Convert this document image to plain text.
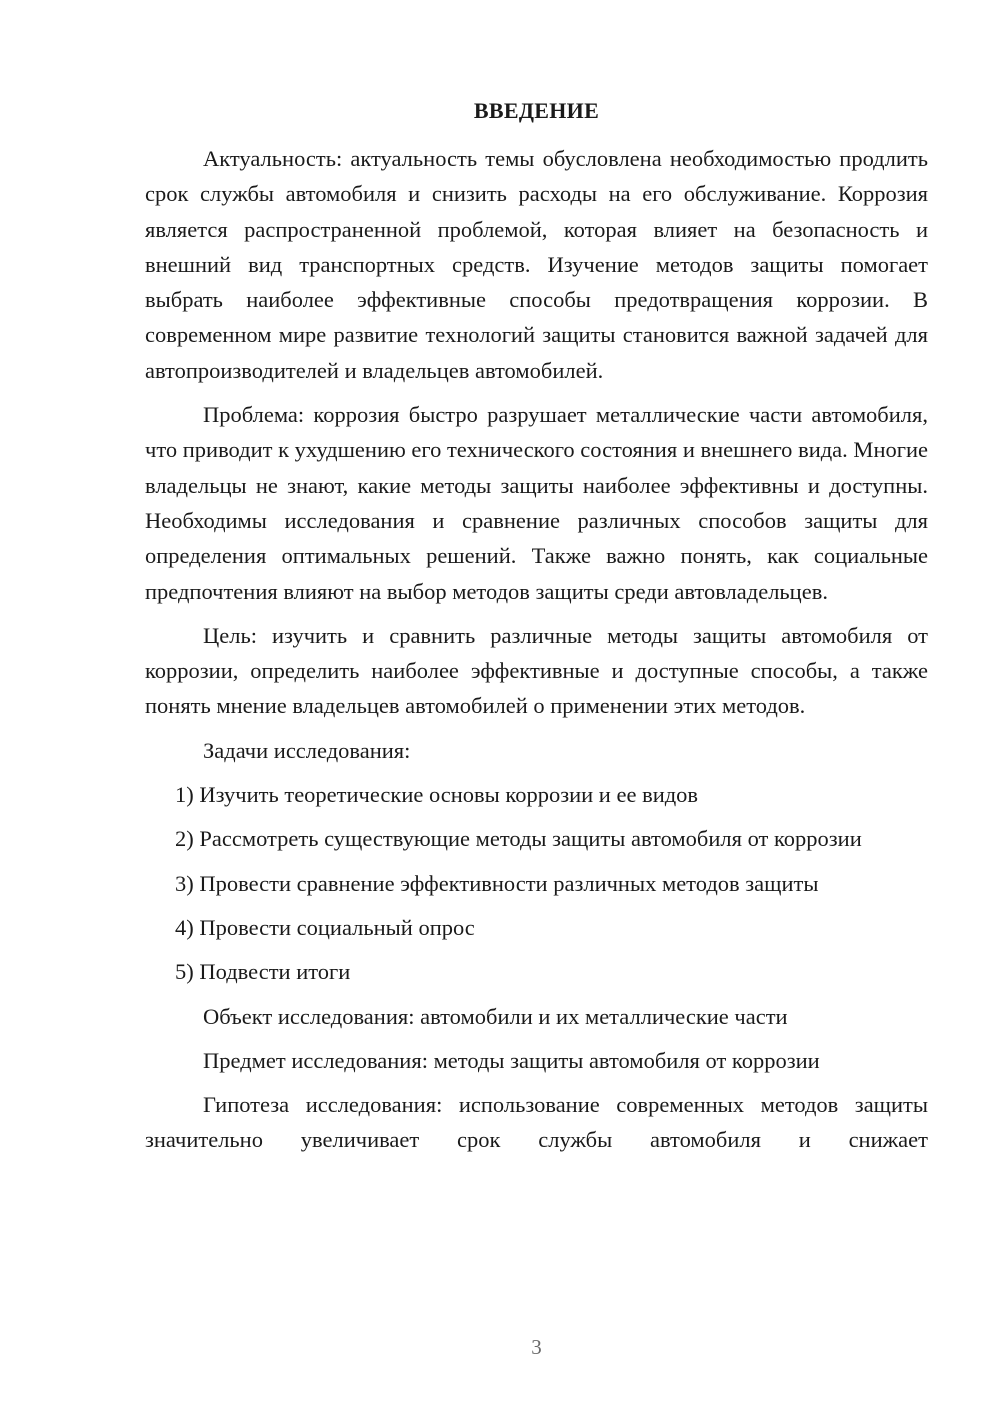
ВВЕДЕНИЕ

Актуальность: актуальность темы обусловлена необходимостью продлить срок службы автомобиля и снизить расходы на его обслуживание. Коррозия является распространенной проблемой, которая влияет на безопасность и внешний вид транспортных средств. Изучение методов защиты помогает выбрать наиболее эффективные способы предотвращения коррозии. В современном мире развитие технологий защиты становится важной задачей для автопроизводителей и владельцев автомобилей.

Проблема: коррозия быстро разрушает металлические части автомобиля, что приводит к ухудшению его технического состояния и внешнего вида. Многие владельцы не знают, какие методы защиты наиболее эффективны и доступны. Необходимы исследования и сравнение различных способов защиты для определения оптимальных решений. Также важно понять, как социальные предпочтения влияют на выбор методов защиты среди автовладельцев.

Цель: изучить и сравнить различные методы защиты автомобиля от коррозии, определить наиболее эффективные и доступные способы, а также понять мнение владельцев автомобилей о применении этих методов.

Задачи исследования:

1) Изучить теоретические основы коррозии и ее видов

2) Рассмотреть существующие методы защиты автомобиля от коррозии

3) Провести сравнение эффективности различных методов защиты

4) Провести социальный опрос

5) Подвести итоги

Объект исследования: автомобили и их металлические части

Предмет исследования: методы защиты автомобиля от коррозии

Гипотеза исследования: использование современных методов защиты значительно увеличивает срок службы автомобиля и снижает

3
